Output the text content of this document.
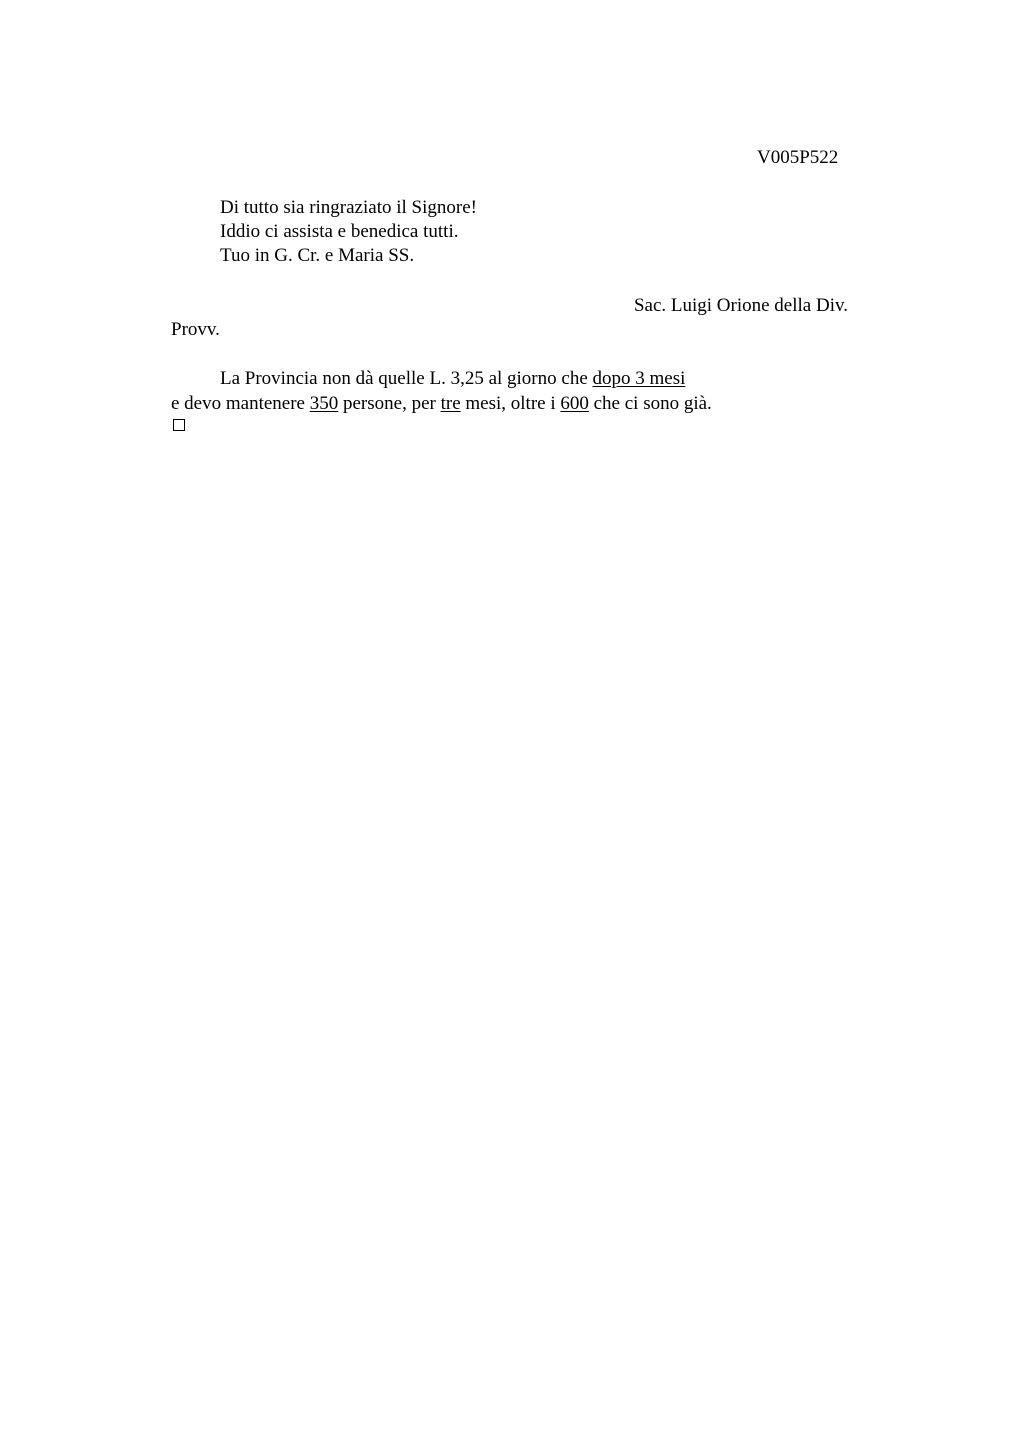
V005P522
Di tutto sia ringraziato il Signore!
Iddio ci assista e benedica tutti.
Tuo in G. Cr. e Maria SS.
Sac. Luigi Orione della Div.
Provv.
La Provincia non dà quelle L. 3,25 al giorno che dopo 3 mesi
e devo mantenere 350 persone, per tre mesi, oltre i 600 che ci sono già.
